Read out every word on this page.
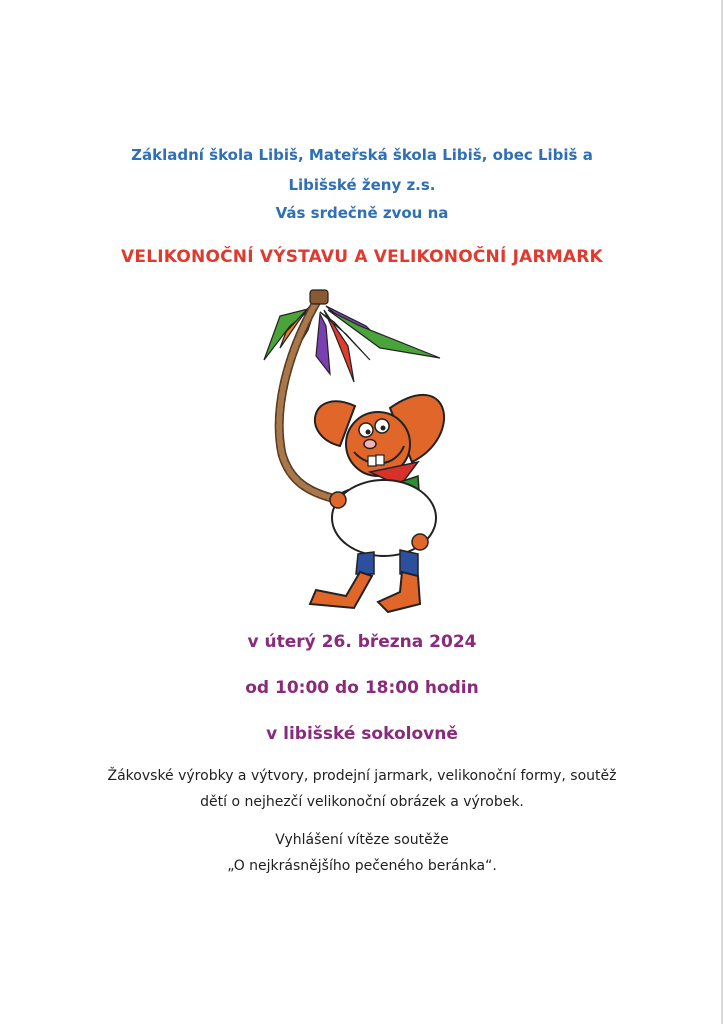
Základní škola Libiš, Mateřská škola Libiš, obec Libiš a
Libišské ženy z.s.
Vás srdečně zvou na
VELIKONOČNÍ VÝSTAVU A VELIKONOČNÍ JARMARK
v úterý 26. března 2024
od 10:00 do 18:00 hodin
v libišské sokolovně
Žákovské výrobky a výtvory, prodejní jarmark, velikonoční formy, soutěž
dětí o nejhezčí velikonoční obrázek a výrobek.
Vyhlášení vítěze soutěže
„O nejkrásnějšího pečeného beránka“.
